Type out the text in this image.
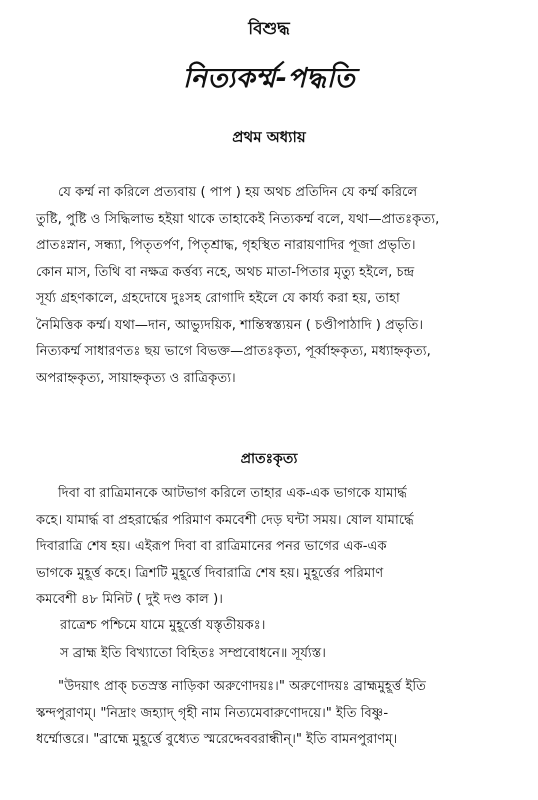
বিশুদ্ধ
নিত্যকর্ম্ম-পদ্ধতি
প্রথম অধ্যায়
যে কর্ম্ম না করিলে প্রত্যবায় ( পাপ ) হয় অথচ প্রতিদিন যে কর্ম্ম করিলে
তুষ্টি, পুষ্টি ও সিদ্ধিলাভ হইয়া থাকে তাহাকেই নিত্যকর্ম্ম বলে, যথা—প্রাতঃকৃত্য,
প্রাতঃস্নান, সন্ধ্যা, পিতৃতর্পণ, পিতৃশ্রাদ্ধ, গৃহস্থিত নারায়ণাদির পূজা প্রভৃতি।
কোন মাস, তিথি বা নক্ষত্র কর্ত্তব্য নহে, অথচ মাতা-পিতার মৃত্যু হইলে, চন্দ্র
সূর্য্য গ্রহণকালে, গ্রহদোষে দুঃসহ রোগাদি হইলে যে কার্য্য করা হয়, তাহা
নৈমিত্তিক কর্ম্ম। যথা—দান, আভ্যুদয়িক, শান্তিস্বস্ত্যয়ন ( চণ্ডীপাঠাদি ) প্রভৃতি।
নিত্যকর্ম্ম সাধারণতঃ ছয় ভাগে বিভক্ত—প্রাতঃকৃত্য, পূর্ব্বাহ্নকৃত্য, মধ্যাহ্নকৃত্য,
অপরাহ্নকৃত্য, সায়াহ্নকৃত্য ও রাত্রিকৃত্য।
প্রাতঃকৃত্য
দিবা বা রাত্রিমানকে আটভাগ করিলে তাহার এক-এক ভাগকে যামার্দ্ধ
কহে। যামার্দ্ধ বা প্রহরার্দ্ধের পরিমাণ কমবেশী দেড় ঘন্টা সময়। ষোল যামার্দ্ধে
দিবারাত্রি শেষ হয়। এইরূপ দিবা বা রাত্রিমানের পনর ভাগের এক-এক
ভাগকে মুহূর্ত্ত কহে। ত্রিশটি মুহূর্ত্তে দিবারাত্রি শেষ হয়। মুহূর্ত্তের পরিমাণ
কমবেশী ৪৮ মিনিট ( দুই দণ্ড কাল )।
রাত্রেশ্চ পশ্চিমে যামে মুহূর্ত্তো যস্তৃতীয়কঃ।
স ব্রাহ্ম ইতি বিখ্যাতো বিহিতঃ সম্প্রবোধনে॥ সূর্য্যস্ত।
"উদয়াৎ প্রাক্ চতস্রস্ত নাড়িকা অরুণোদয়ঃ।" অরুণোদয়ঃ ব্রাহ্মমুহূর্ত্ত ইতি
স্কন্দপুরাণম্। "নিদ্রাং জহ্যাদ্ গৃহী নাম নিত্যমেবারুণোদয়ে।" ইতি বিষ্ণু-
ধর্ম্মোত্তরে। "ব্রাহ্মে মুহূর্ত্তে বুধ্যেত স্মরেদ্দেববরান্ধীন্।" ইতি বামনপুরাণম্।
